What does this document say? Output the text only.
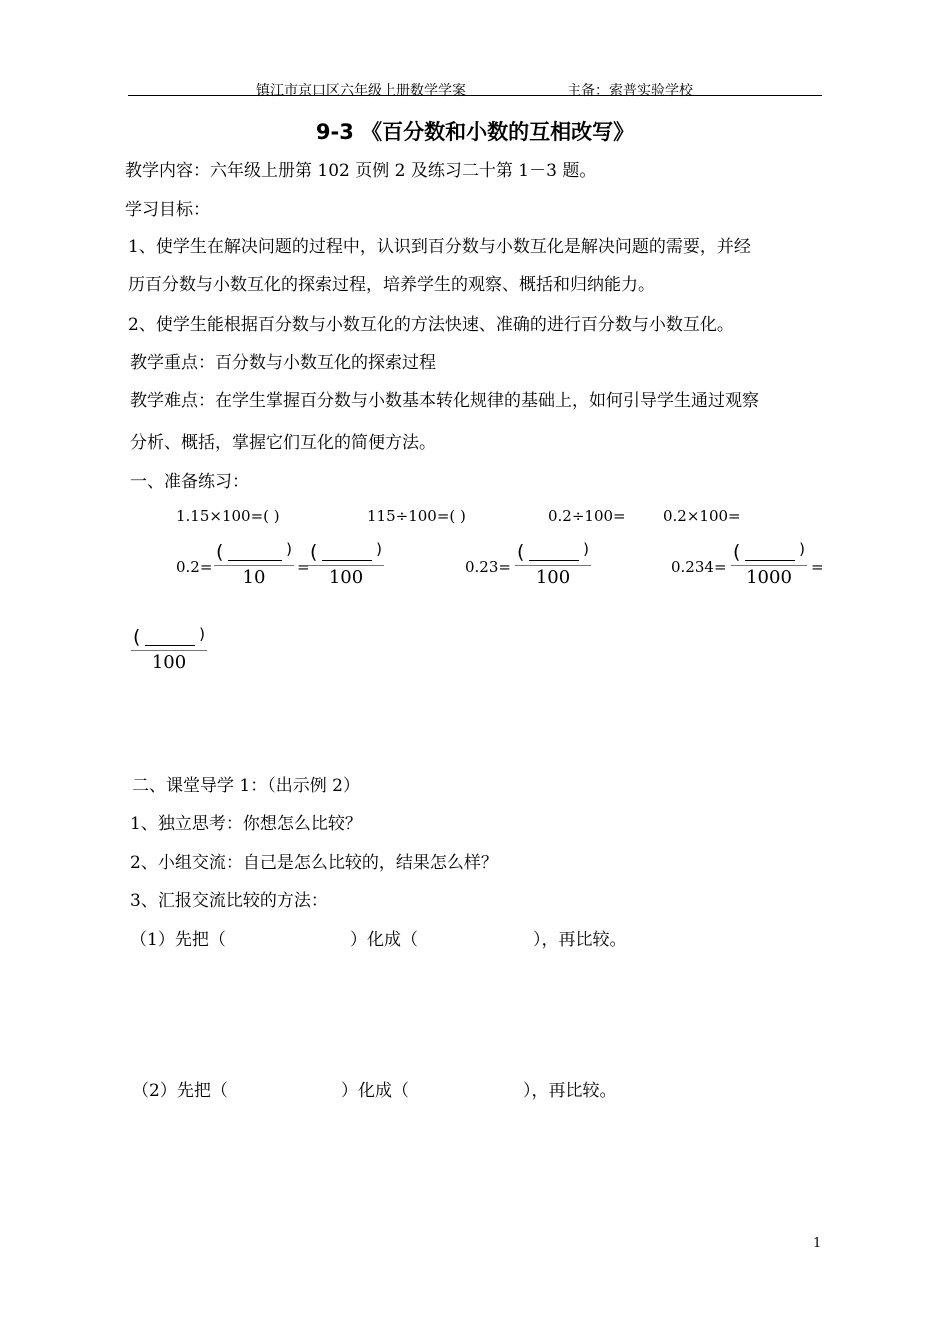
镇江市京口区六年级上册数学学案	主备：索普实验学校
9-3 《百分数和小数的互相改写》
教学内容：六年级上册第 102 页例 2 及练习二十第 1－3 题。
学习目标：
1、使学生在解决问题的过程中，认识到百分数与小数互化是解决问题的需要，并经
历百分数与小数互化的探索过程，培养学生的观察、概括和归纳能力。
2、使学生能根据百分数与小数互化的方法快速、准确的进行百分数与小数互化。
教学重点：百分数与小数互化的探索过程
教学难点：在学生掌握百分数与小数基本转化规律的基础上，如何引导学生通过观察
分析、概括，掌握它们互化的简便方法。
一、准备练习：
1.15×100=( )	115÷100=( )	0.2÷100= 0.2×100=
0.2=
(	)
10	=
(	)
100	0.23=
(	)
100	0.234=
(	)
1000	=
(	)
100
二、课堂导学 1：（出示例 2）
1、独立思考：你想怎么比较？
2、小组交流：自己是怎么比较的，结果怎么样？
3、汇报交流比较的方法：
（1）先把（	）化成（	），再比较。
（2）先把（	）化成（	），再比较。
1
